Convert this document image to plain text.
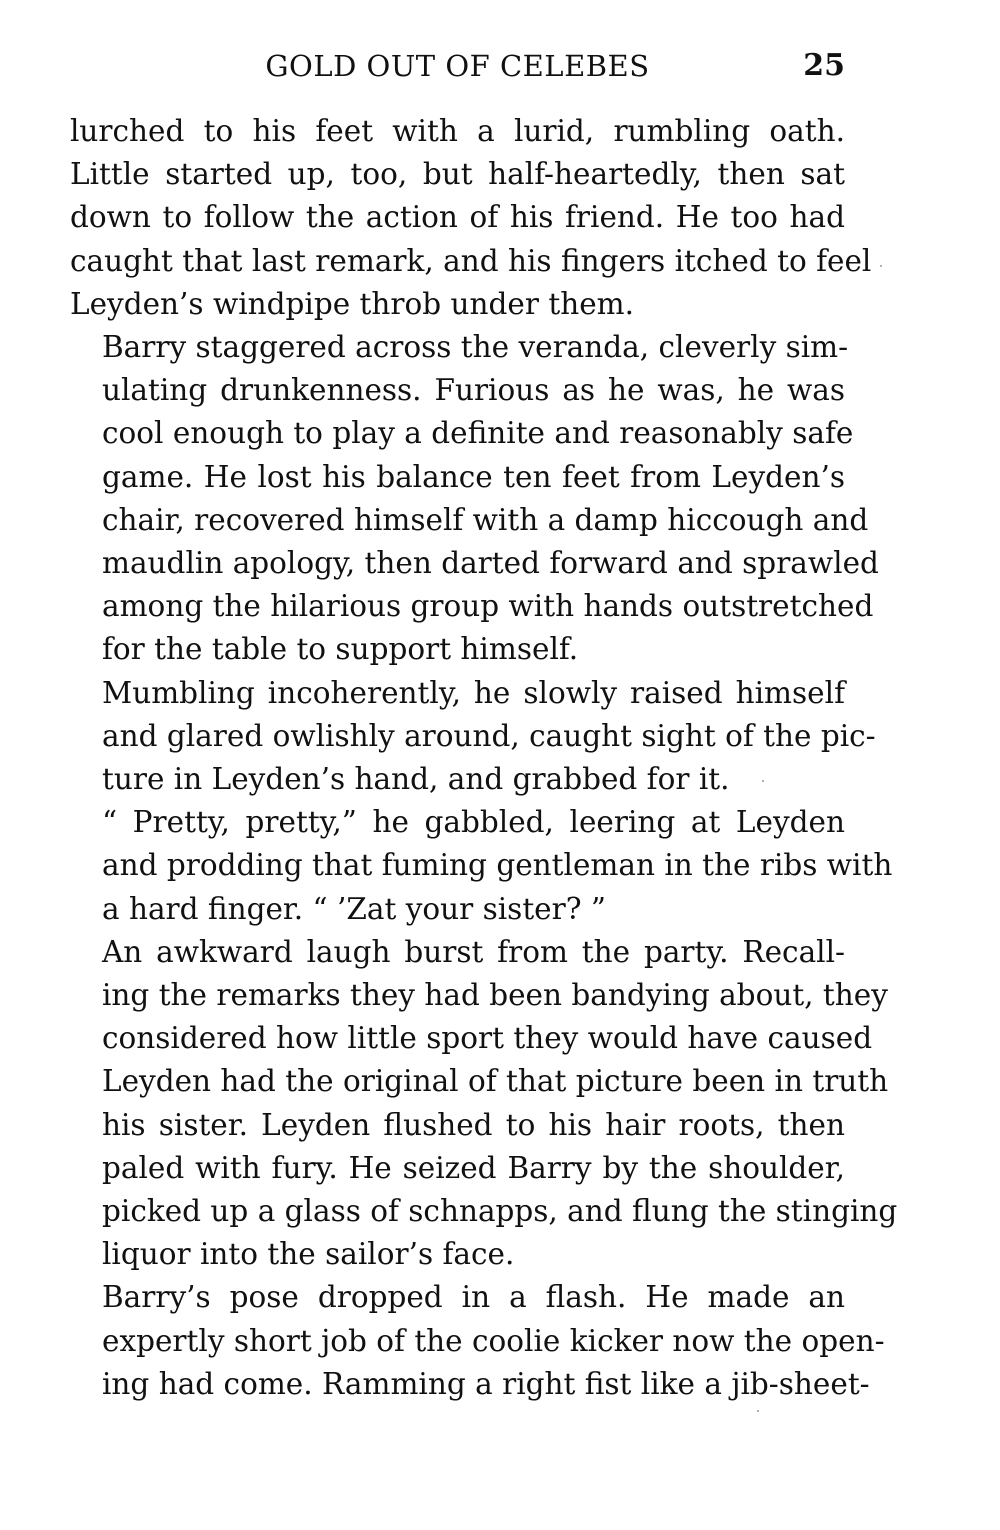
GOLD OUT OF CELEBES	25

lurched to his feet with a lurid, rumbling oath.
Little started up, too, but half-heartedly, then sat
down to follow the action of his friend. He too had
caught that last remark, and his fingers itched to feel
Leyden’s windpipe throb under them.

Barry staggered across the veranda, cleverly sim-
ulating drunkenness. Furious as he was, he was
cool enough to play a definite and reasonably safe
game. He lost his balance ten feet from Leyden’s
chair, recovered himself with a damp hiccough and
maudlin apology, then darted forward and sprawled
among the hilarious group with hands outstretched
for the table to support himself.

Mumbling incoherently, he slowly raised himself
and glared owlishly around, caught sight of the pic-
ture in Leyden’s hand, and grabbed for it.

“ Pretty, pretty,” he gabbled, leering at Leyden
and prodding that fuming gentleman in the ribs with
a hard finger. “ ’Zat your sister? ”

An awkward laugh burst from the party. Recall-
ing the remarks they had been bandying about, they
considered how little sport they would have caused
Leyden had the original of that picture been in truth
his sister. Leyden flushed to his hair roots, then
paled with fury. He seized Barry by the shoulder,
picked up a glass of schnapps, and flung the stinging
liquor into the sailor’s face.

Barry’s pose dropped in a flash. He made an
expertly short job of the coolie kicker now the open-
ing had come. Ramming a right fist like a jib-sheet-
